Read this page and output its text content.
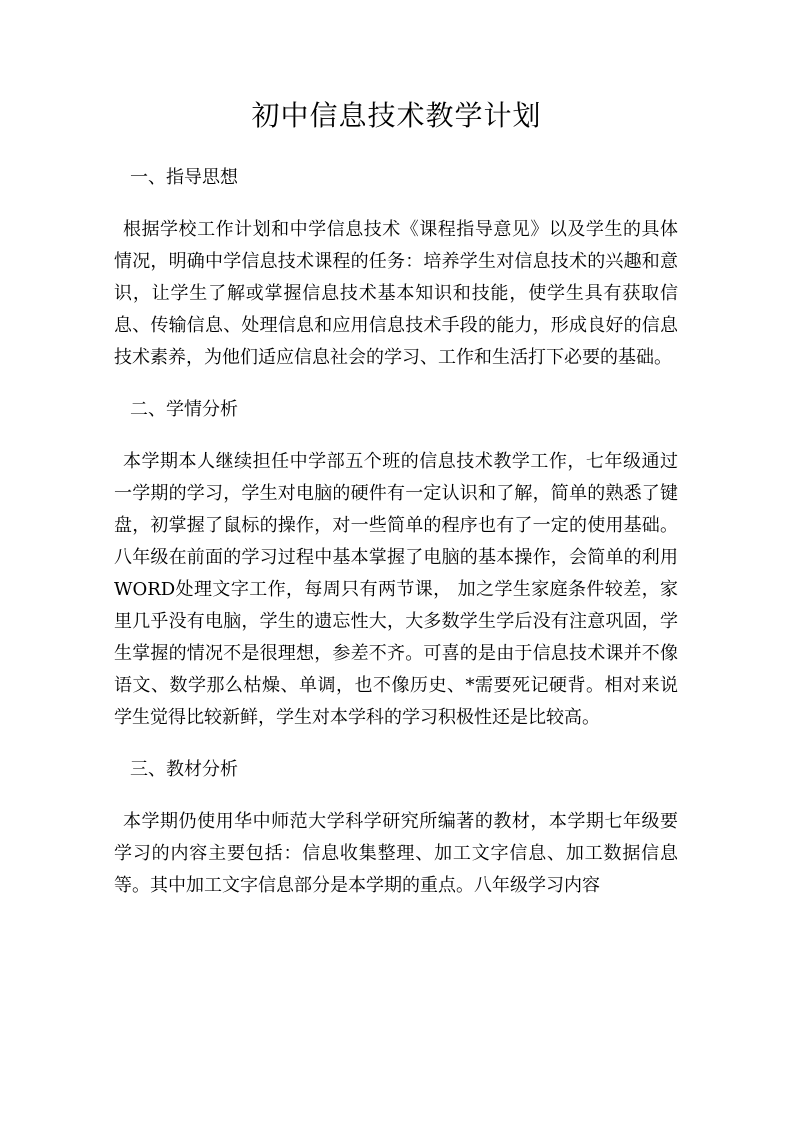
初中信息技术教学计划

一、指导思想

根据学校工作计划和中学信息技术《课程指导意见》以及学生的具体情况，明确中学信息技术课程的任务：培养学生对信息技术的兴趣和意识，让学生了解或掌握信息技术基本知识和技能，使学生具有获取信息、传输信息、处理信息和应用信息技术手段的能力，形成良好的信息技术素养，为他们适应信息社会的学习、工作和生活打下必要的基础。

二、学情分析

本学期本人继续担任中学部五个班的信息技术教学工作，七年级通过一学期的学习，学生对电脑的硬件有一定认识和了解，简单的熟悉了键盘，初掌握了鼠标的操作，对一些简单的程序也有了一定的使用基础。八年级在前面的学习过程中基本掌握了电脑的基本操作，会简单的利用WORD处理文字工作，每周只有两节课， 加之学生家庭条件较差，家里几乎没有电脑，学生的遗忘性大，大多数学生学后没有注意巩固，学生掌握的情况不是很理想，参差不齐。可喜的是由于信息技术课并不像语文、数学那么枯燥、单调，也不像历史、*需要死记硬背。相对来说学生觉得比较新鲜，学生对本学科的学习积极性还是比较高。

三、教材分析

本学期仍使用华中师范大学科学研究所编著的教材，本学期七年级要学习的内容主要包括：信息收集整理、加工文字信息、加工数据信息等。其中加工文字信息部分是本学期的重点。八年级学习内容
